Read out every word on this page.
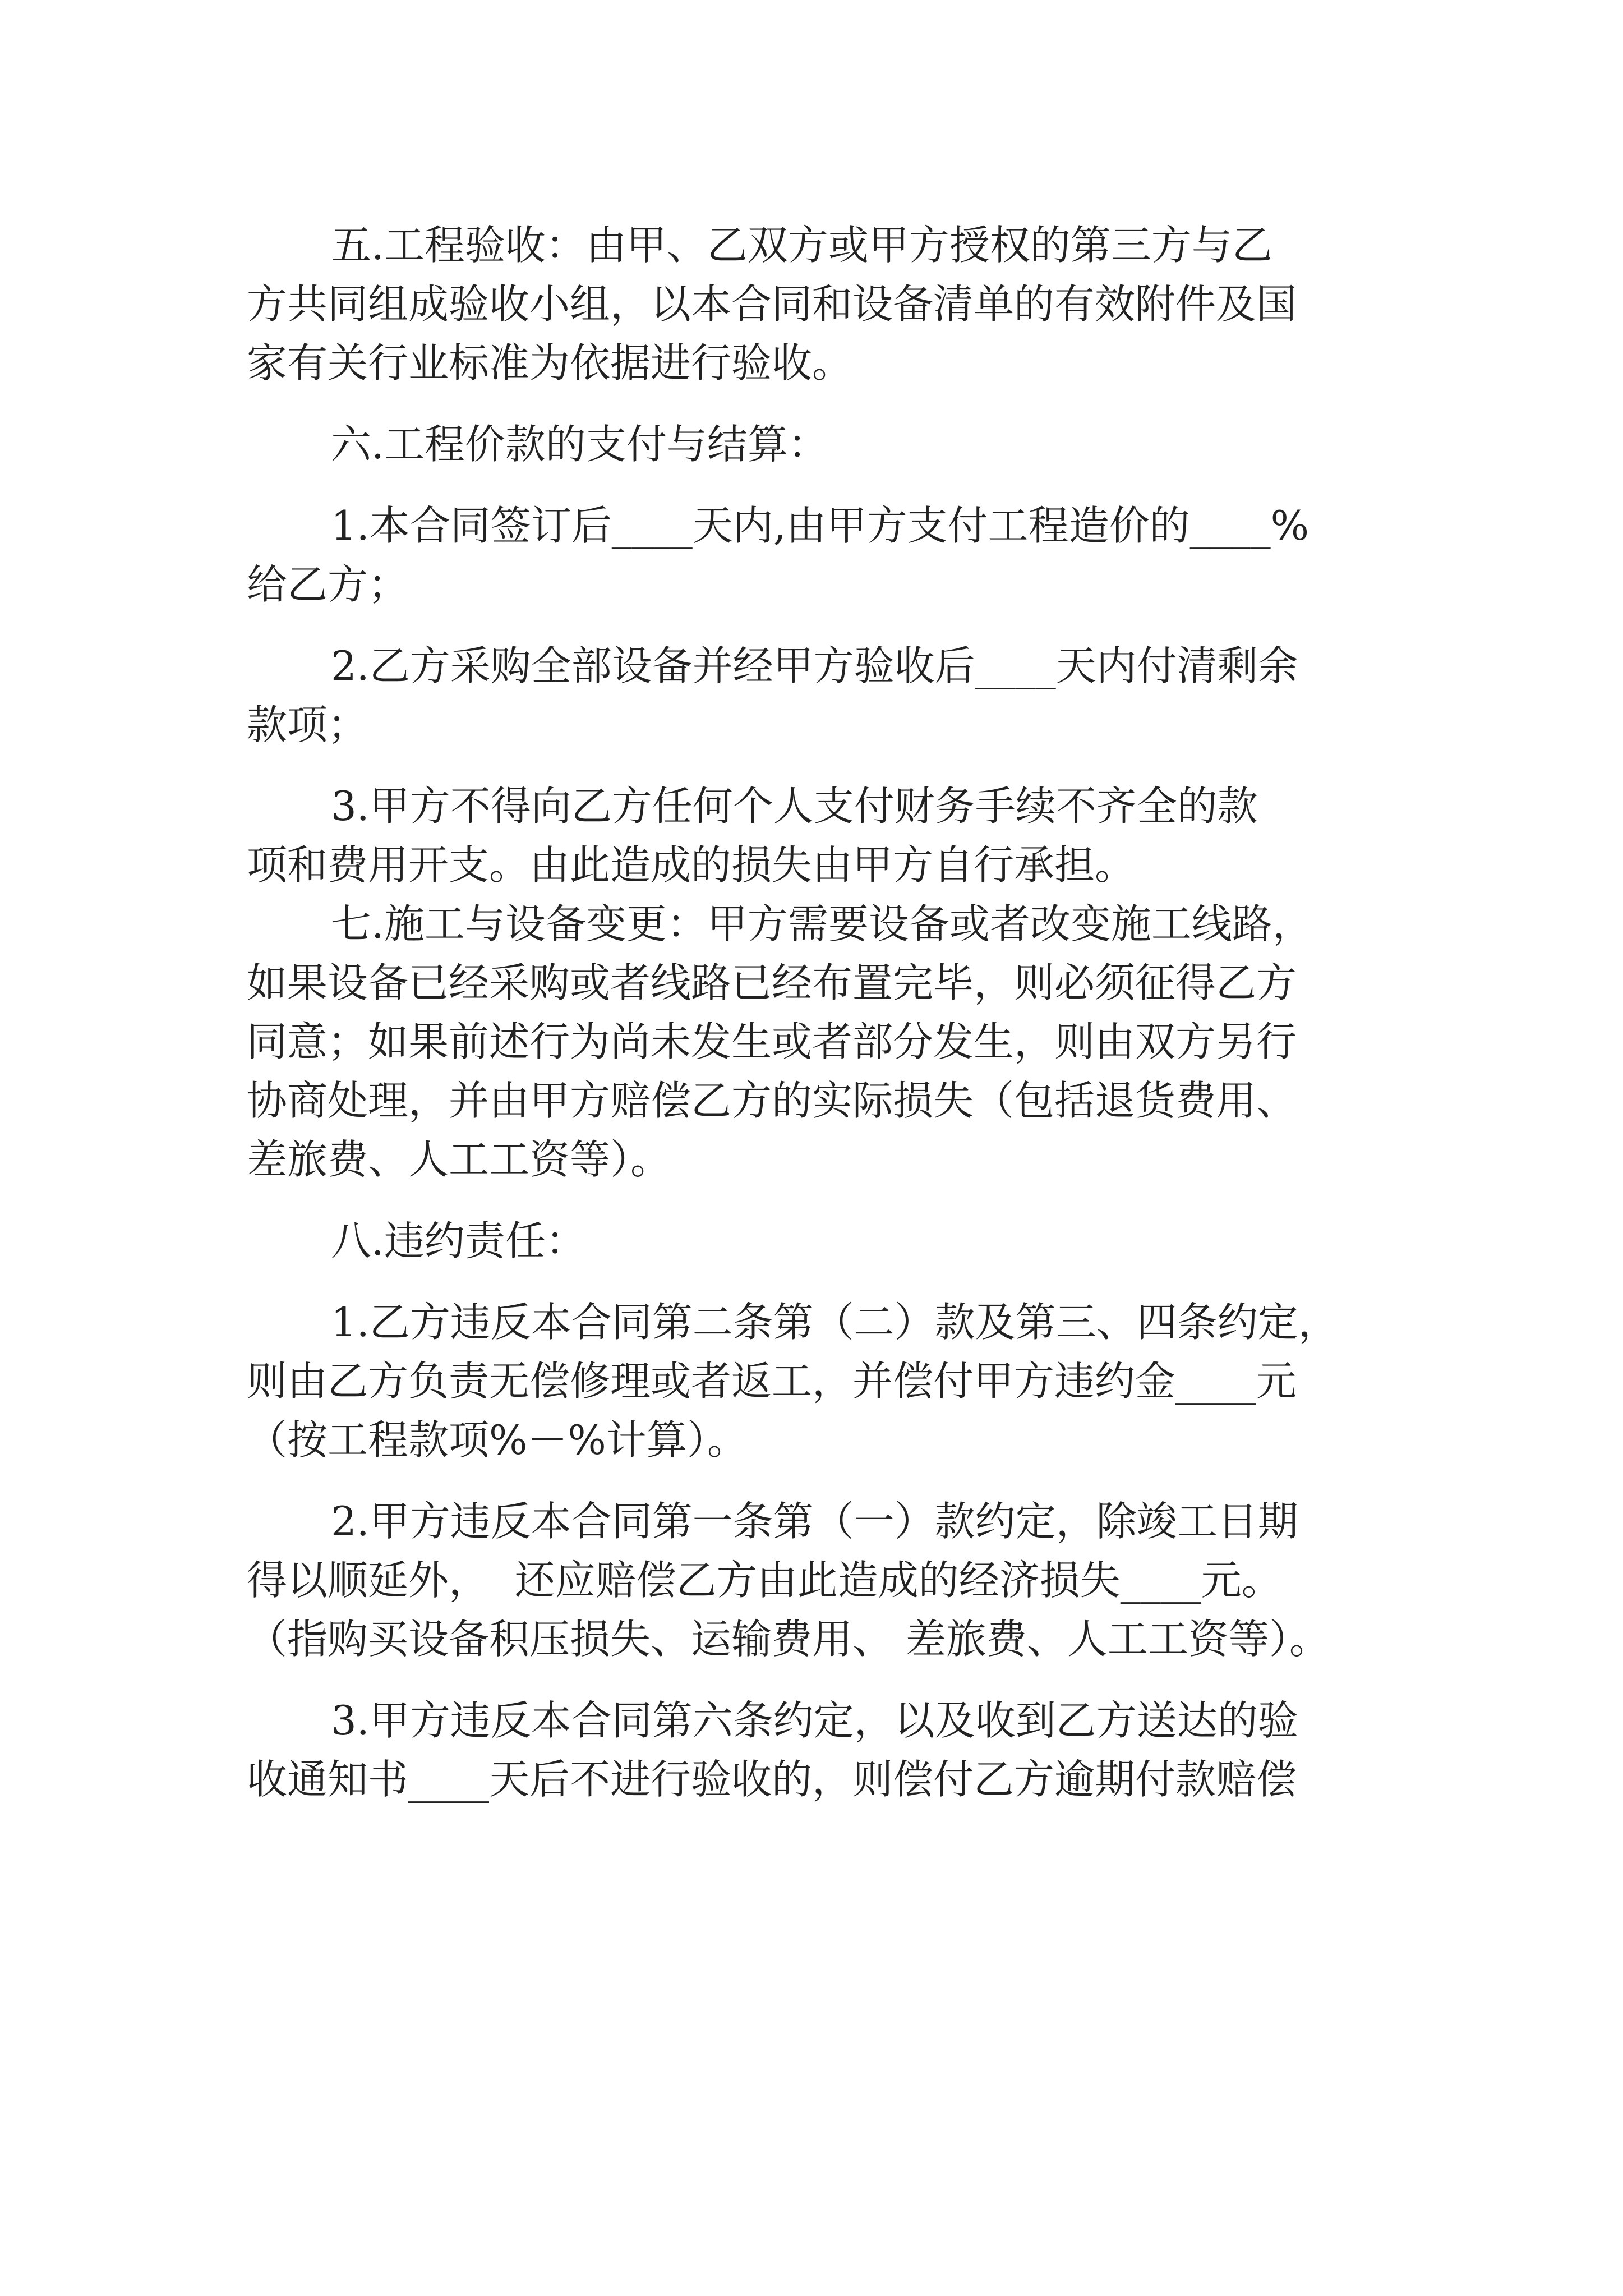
五.工程验收：由甲、乙双方或甲方授权的第三方与乙

方共同组成验收小组，以本合同和设备清单的有效附件及国

家有关行业标准为依据进行验收。

六.工程价款的支付与结算：

1.本合同签订后____天内,由甲方支付工程造价的____%

给乙方；

2.乙方采购全部设备并经甲方验收后____天内付清剩余

款项；

3.甲方不得向乙方任何个人支付财务手续不齐全的款

项和费用开支。由此造成的损失由甲方自行承担。

七.施工与设备变更：甲方需要设备或者改变施工线路，

如果设备已经采购或者线路已经布置完毕，则必须征得乙方

同意；如果前述行为尚未发生或者部分发生，则由双方另行

协商处理，并由甲方赔偿乙方的实际损失（包括退货费用、

差旅费、人工工资等）。

八.违约责任：

1.乙方违反本合同第二条第（二）款及第三、四条约定，

则由乙方负责无偿修理或者返工，并偿付甲方违约金____元

（按工程款项%－%计算）。

2.甲方违反本合同第一条第（一）款约定，除竣工日期

得以顺延外，  还应赔偿乙方由此造成的经济损失____元。

（指购买设备积压损失、运输费用、 差旅费、人工工资等）。

3.甲方违反本合同第六条约定，以及收到乙方送达的验

收通知书____天后不进行验收的，则偿付乙方逾期付款赔偿
